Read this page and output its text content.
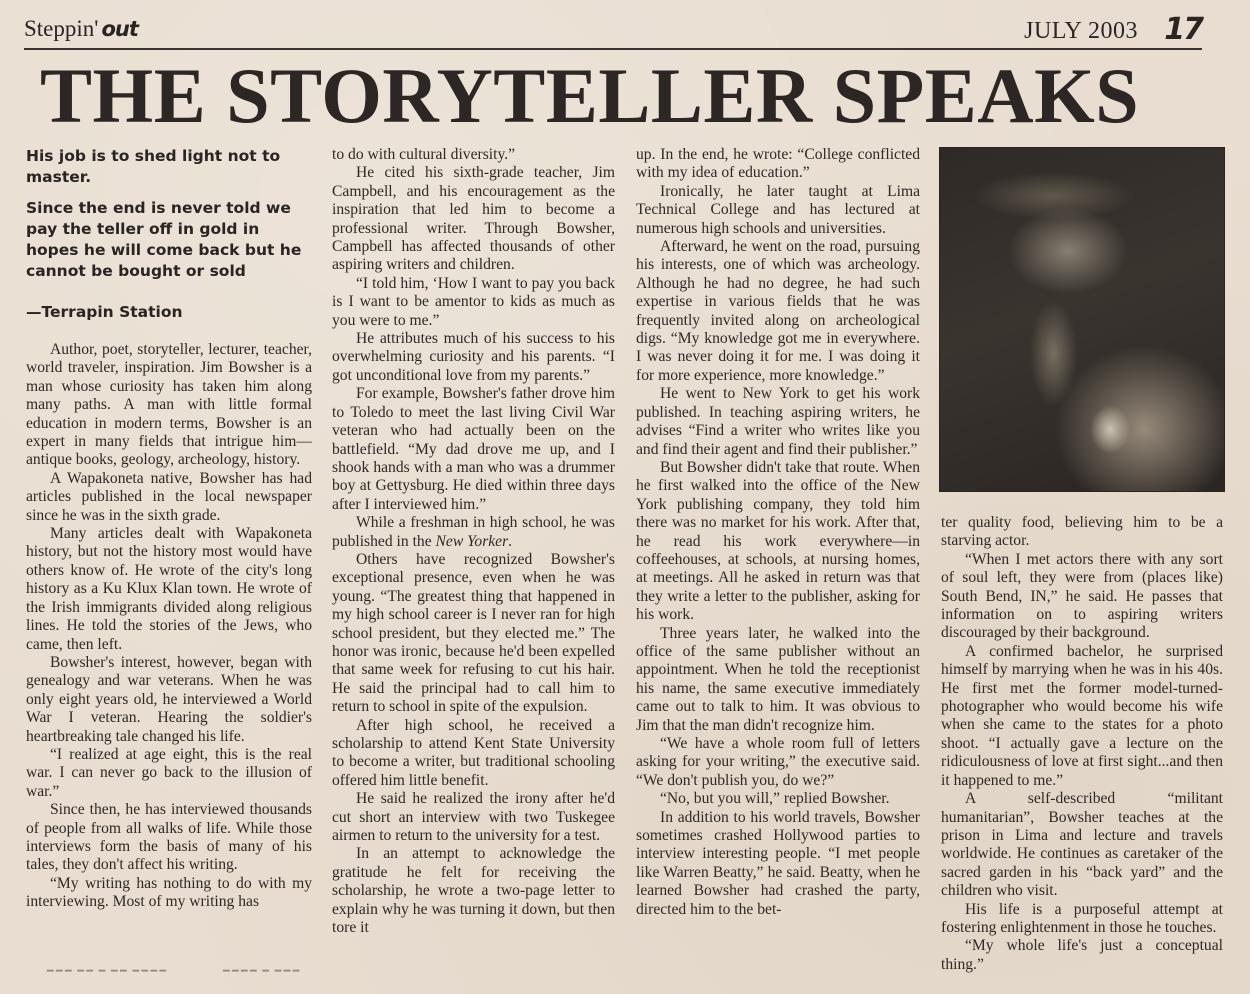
Steppin' out	JULY 2003 17
THE STORYTELLER SPEAKS

His job is to shed light not to master.

Since the end is never told we pay the teller off in gold in hopes he will come back but he cannot be bought or sold

—Terrapin Station

Author, poet, storyteller, lecturer, teacher, world traveler, inspiration. Jim Bowsher is a man whose curiosity has taken him along many paths. A man with little formal education in modern terms, Bowsher is an expert in many fields that intrigue him—antique books, geology, archeology, history.

A Wapakoneta native, Bowsher has had articles published in the local newspaper since he was in the sixth grade.

Many articles dealt with Wapakoneta history, but not the history most would have others know of. He wrote of the city's long history as a Ku Klux Klan town. He wrote of the Irish immigrants divided along religious lines. He told the stories of the Jews, who came, then left.

Bowsher's interest, however, began with genealogy and war veterans. When he was only eight years old, he interviewed a World War I veteran. Hearing the soldier's heartbreaking tale changed his life.

“I realized at age eight, this is the real war. I can never go back to the illusion of war.”

Since then, he has interviewed thousands of people from all walks of life. While those interviews form the basis of many of his tales, they don't affect his writing.

“My writing has nothing to do with my interviewing. Most of my writing has

to do with cultural diversity.”

He cited his sixth-grade teacher, Jim Campbell, and his encouragement as the inspiration that led him to become a professional writer. Through Bowsher, Campbell has affected thousands of other aspiring writers and children.

“I told him, ‘How I want to pay you back is I want to be amentor to kids as much as you were to me.”

He attributes much of his success to his overwhelming curiosity and his parents. “I got unconditional love from my parents.”

For example, Bowsher's father drove him to Toledo to meet the last living Civil War veteran who had actually been on the battlefield. “My dad drove me up, and I shook hands with a man who was a drummer boy at Gettysburg. He died within three days after I interviewed him.”

While a freshman in high school, he was published in the New Yorker.

Others have recognized Bowsher's exceptional presence, even when he was young. “The greatest thing that happened in my high school career is I never ran for high school president, but they elected me.” The honor was ironic, because he'd been expelled that same week for refusing to cut his hair. He said the principal had to call him to return to school in spite of the expulsion.

After high school, he received a scholarship to attend Kent State University to become a writer, but traditional schooling offered him little benefit.

He said he realized the irony after he'd cut short an interview with two Tuskegee airmen to return to the university for a test.

In an attempt to acknowledge the gratitude he felt for receiving the scholarship, he wrote a two-page letter to explain why he was turning it down, but then tore it

up. In the end, he wrote: “College conflicted with my idea of education.”

Ironically, he later taught at Lima Technical College and has lectured at numerous high schools and universities.

Afterward, he went on the road, pursuing his interests, one of which was archeology. Although he had no degree, he had such expertise in various fields that he was frequently invited along on archeological digs. “My knowledge got me in everywhere. I was never doing it for me. I was doing it for more experience, more knowledge.”

He went to New York to get his work published. In teaching aspiring writers, he advises “Find a writer who writes like you and find their agent and find their publisher.”

But Bowsher didn't take that route. When he first walked into the office of the New York publishing company, they told him there was no market for his work. After that, he read his work everywhere—in coffeehouses, at schools, at nursing homes, at meetings. All he asked in return was that they write a letter to the publisher, asking for his work.

Three years later, he walked into the office of the same publisher without an appointment. When he told the receptionist his name, the same executive immediately came out to talk to him. It was obvious to Jim that the man didn't recognize him.

“We have a whole room full of letters asking for your writing,” the executive said. “We don't publish you, do we?”

“No, but you will,” replied Bowsher.

In addition to his world travels, Bowsher sometimes crashed Hollywood parties to interview interesting people. “I met people like Warren Beatty,” he said. Beatty, when he learned Bowsher had crashed the party, directed him to the bet-

ter quality food, believing him to be a starving actor.

“When I met actors there with any sort of soul left, they were from (places like) South Bend, IN,” he said. He passes that information on to aspiring writers discouraged by their background.

A confirmed bachelor, he surprised himself by marrying when he was in his 40s. He first met the former model-turned-photographer who would become his wife when she came to the states for a photo shoot. “I actually gave a lecture on the ridiculousness of love at first sight...and then it happened to me.”

A self-described “militant humanitarian”, Bowsher teaches at the prison in Lima and lecture and travels worldwide. He continues as caretaker of the sacred garden in his “back yard” and the children who visit.

His life is a purposeful attempt at fostering enlightenment in those he touches.

“My whole life's just a conceptual thing.”

▬▬▬ ▬▬ ▬ ▬▬ ▬▬▬▬	▬▬▬▬ ▬ ▬▬▬
